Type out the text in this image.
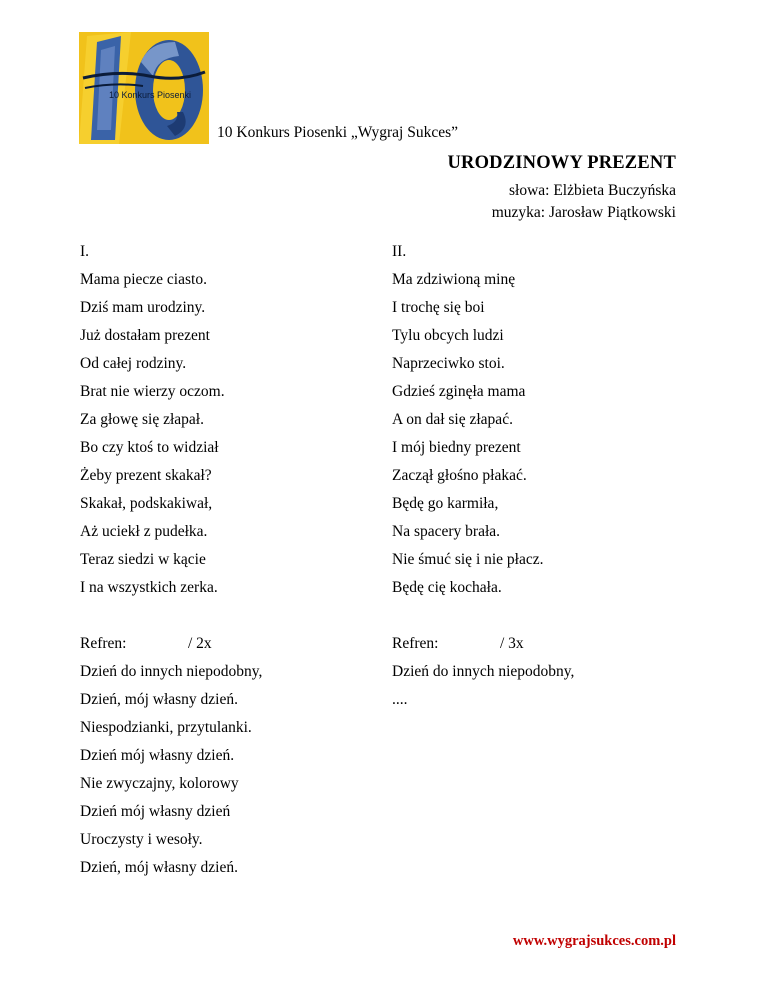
10 Konkurs Piosenki
10 Konkurs Piosenki „Wygraj Sukces”
URODZINOWY PREZENT
słowa: Elżbieta Buczyńska
muzyka: Jarosław Piątkowski
I.
Mama piecze ciasto.
Dziś mam urodziny.
Już dostałam prezent
Od całej rodziny.
Brat nie wierzy oczom.
Za głowę się złapał.
Bo czy ktoś to widział
Żeby prezent skakał?
Skakał, podskakiwał,
Aż uciekł z pudełka.
Teraz siedzi w kącie
I na wszystkich zerka.
Refren:	/ 2x
Dzień do innych niepodobny,
Dzień, mój własny dzień.
Niespodzianki, przytulanki.
Dzień mój własny dzień.
Nie zwyczajny, kolorowy
Dzień mój własny dzień
Uroczysty i wesoły.
Dzień, mój własny dzień.
II.
Ma zdziwioną minę
I trochę się boi
Tylu obcych ludzi
Naprzeciwko stoi.
Gdzieś zginęła mama
A on dał się złapać.
I mój biedny prezent
Zaczął głośno płakać.
Będę go karmiła,
Na spacery brała.
Nie śmuć się i nie płacz.
Będę cię kochała.
Refren:	/ 3x
Dzień do innych niepodobny,
....
www.wygrajsukces.com.pl
